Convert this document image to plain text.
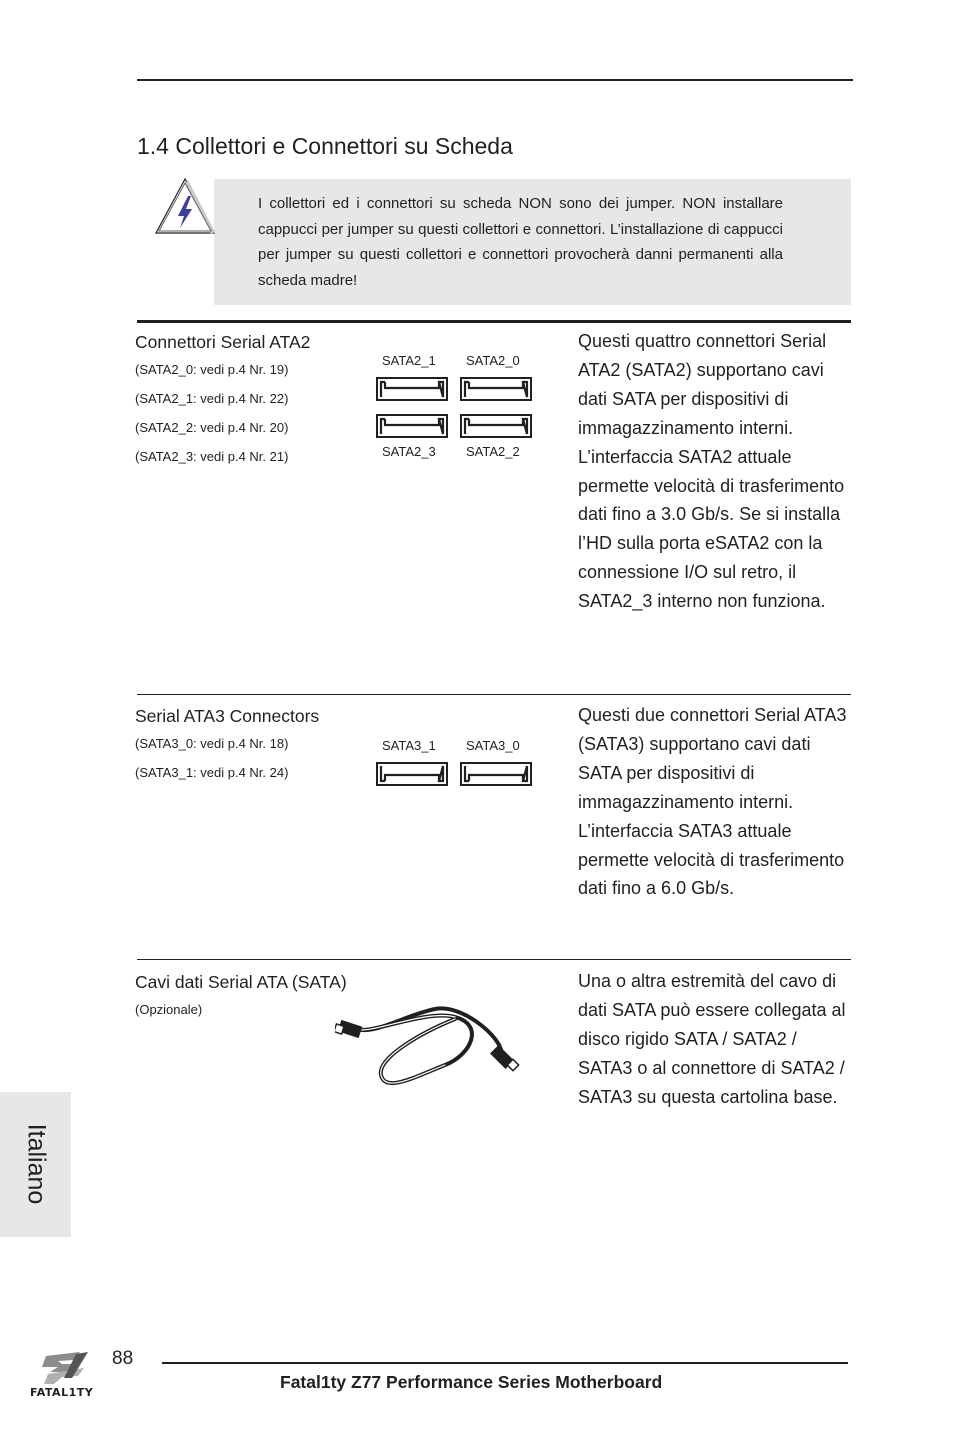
1.4 Collettori e Connettori su Scheda
I collettori ed i connettori su scheda NON sono dei jumper. NON installare cappucci per jumper su questi collettori e connettori. L’installazione di cappucci per jumper su questi collettori e connettori provocherà danni permanenti alla scheda madre!
Connettori Serial ATA2
(SATA2_0: vedi p.4 Nr. 19)
(SATA2_1: vedi p.4 Nr. 22)
(SATA2_2: vedi p.4 Nr. 20)
(SATA2_3: vedi p.4 Nr. 21)
SATA2_1 SATA2_0
SATA2_3 SATA2_2
Questi quattro connettori Serial ATA2 (SATA2) supportano cavi dati SATA per dispositivi di immagazzinamento interni. L’interfaccia SATA2 attuale permette velocità di trasferimento dati fino a 3.0 Gb/s. Se si installa l’HD sulla porta eSATA2 con la connessione I/O sul retro, il SATA2_3 interno non funziona.
Serial ATA3 Connectors
(SATA3_0: vedi p.4 Nr. 18)
(SATA3_1: vedi p.4 Nr. 24)
SATA3_1 SATA3_0
Questi due connettori Serial ATA3 (SATA3) supportano cavi dati SATA per dispositivi di immagazzinamento interni. L’interfaccia SATA3 attuale permette velocità di trasferimento dati fino a 6.0 Gb/s.
Cavi dati Serial ATA (SATA)
(Opzionale)
Una o altra estremità del cavo di dati SATA può essere collegata al disco rigido SATA / SATA2 / SATA3 o al connettore di SATA2 / SATA3 su questa cartolina base.
Italiano
FATAL1TY
88
Fatal1ty Z77 Performance Series Motherboard
